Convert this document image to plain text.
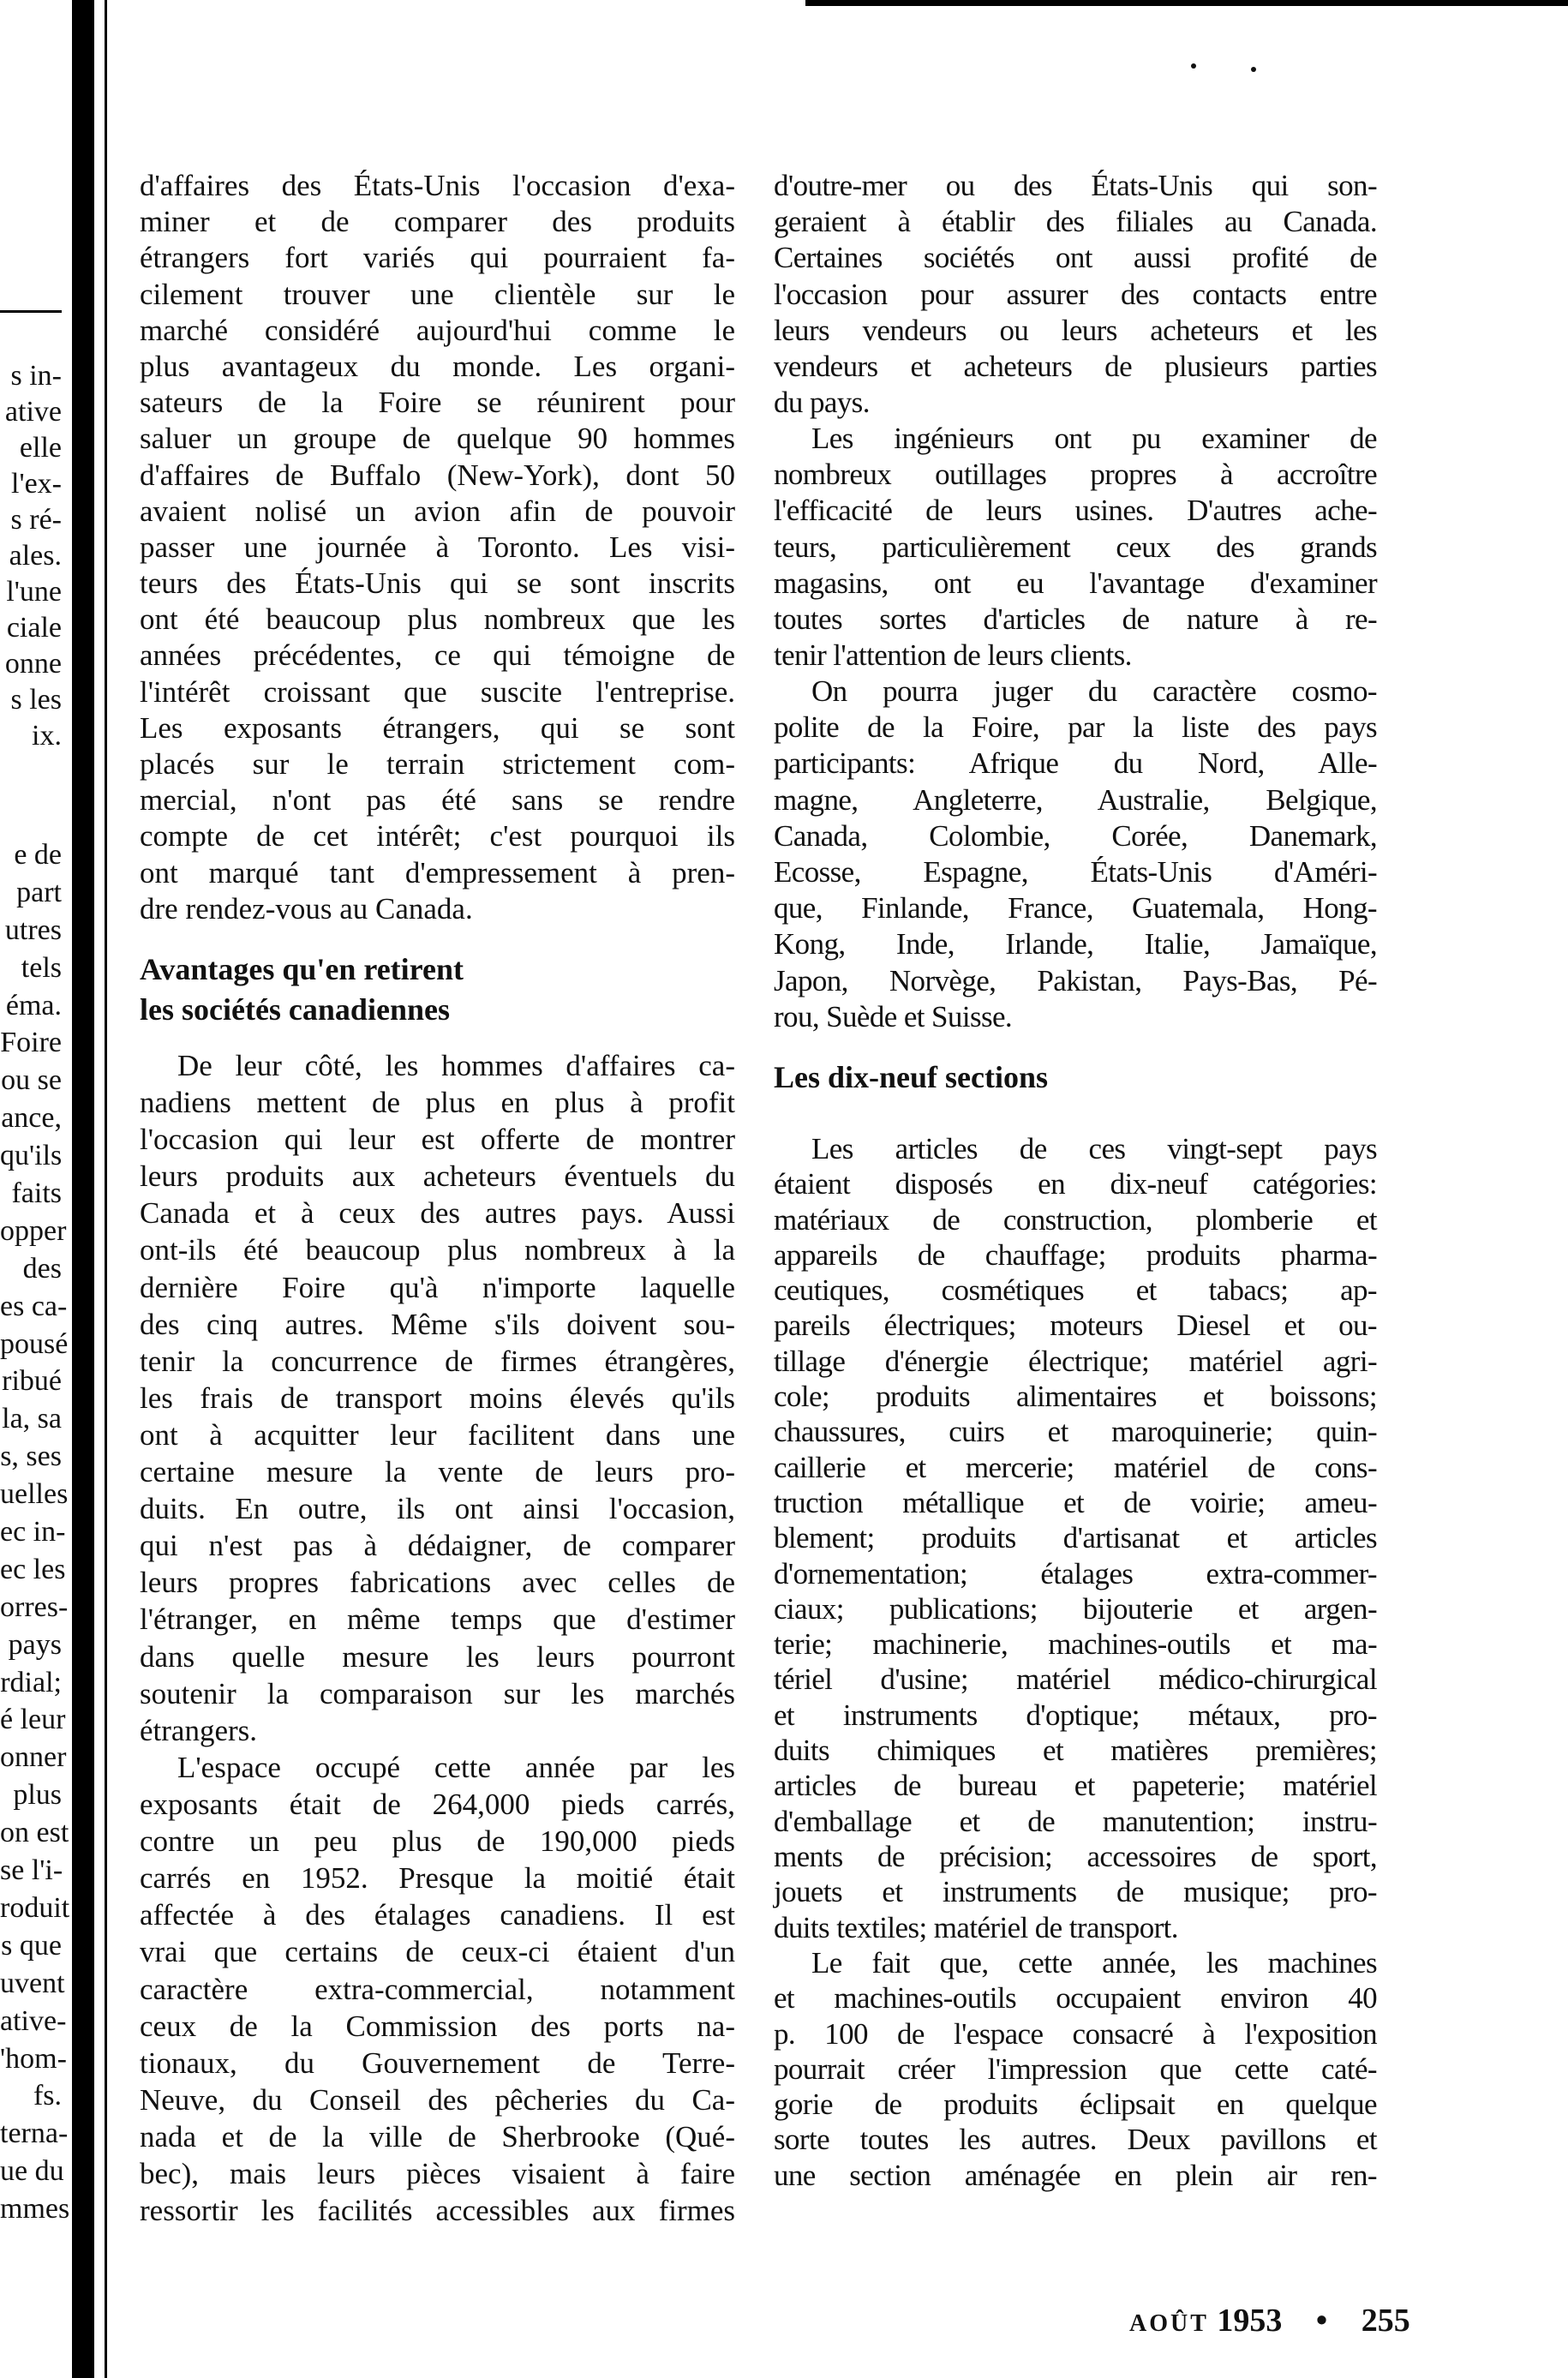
s in-
ative
elle
l'ex-
s ré-
ales.
l'une
ciale
onne
s les
ix.
e de
part
utres
tels
éma.
Foire
ou se
ance,
qu'ils
faits
opper
des
es ca-
pousé
ribué
la, sa
s, ses
uelles
ec in-
ec les
orres-
pays
rdial;
é leur
onner
plus
on est
se l'i-
roduit
s que
uvent
ative-
'hom-
fs.
terna-
ue du
mmes
d'affaires des États-Unis l'occasion d'exa-
miner et de comparer des produits
étrangers fort variés qui pourraient fa-
cilement trouver une clientèle sur le
marché considéré aujourd'hui comme le
plus avantageux du monde. Les organi-
sateurs de la Foire se réunirent pour
saluer un groupe de quelque 90 hommes
d'affaires de Buffalo (New-York), dont 50
avaient nolisé un avion afin de pouvoir
passer une journée à Toronto. Les visi-
teurs des États-Unis qui se sont inscrits
ont été beaucoup plus nombreux que les
années précédentes, ce qui témoigne de
l'intérêt croissant que suscite l'entreprise.
Les exposants étrangers, qui se sont
placés sur le terrain strictement com-
mercial, n'ont pas été sans se rendre
compte de cet intérêt; c'est pourquoi ils
ont marqué tant d'empressement à pren-
dre rendez-vous au Canada.
Avantages qu'en retirent
les sociétés canadiennes
De leur côté, les hommes d'affaires ca-
nadiens mettent de plus en plus à profit
l'occasion qui leur est offerte de montrer
leurs produits aux acheteurs éventuels du
Canada et à ceux des autres pays. Aussi
ont-ils été beaucoup plus nombreux à la
dernière Foire qu'à n'importe laquelle
des cinq autres. Même s'ils doivent sou-
tenir la concurrence de firmes étrangères,
les frais de transport moins élevés qu'ils
ont à acquitter leur facilitent dans une
certaine mesure la vente de leurs pro-
duits. En outre, ils ont ainsi l'occasion,
qui n'est pas à dédaigner, de comparer
leurs propres fabrications avec celles de
l'étranger, en même temps que d'estimer
dans quelle mesure les leurs pourront
soutenir la comparaison sur les marchés
étrangers.
L'espace occupé cette année par les
exposants était de 264,000 pieds carrés,
contre un peu plus de 190,000 pieds
carrés en 1952. Presque la moitié était
affectée à des étalages canadiens. Il est
vrai que certains de ceux-ci étaient d'un
caractère extra-commercial, notamment
ceux de la Commission des ports na-
tionaux, du Gouvernement de Terre-
Neuve, du Conseil des pêcheries du Ca-
nada et de la ville de Sherbrooke (Qué-
bec), mais leurs pièces visaient à faire
ressortir les facilités accessibles aux firmes
d'outre-mer ou des États-Unis qui son-
geraient à établir des filiales au Canada.
Certaines sociétés ont aussi profité de
l'occasion pour assurer des contacts entre
leurs vendeurs ou leurs acheteurs et les
vendeurs et acheteurs de plusieurs parties
du pays.
Les ingénieurs ont pu examiner de
nombreux outillages propres à accroître
l'efficacité de leurs usines. D'autres ache-
teurs, particulièrement ceux des grands
magasins, ont eu l'avantage d'examiner
toutes sortes d'articles de nature à re-
tenir l'attention de leurs clients.
On pourra juger du caractère cosmo-
polite de la Foire, par la liste des pays
participants: Afrique du Nord, Alle-
magne, Angleterre, Australie, Belgique,
Canada, Colombie, Corée, Danemark,
Ecosse, Espagne, États-Unis d'Améri-
que, Finlande, France, Guatemala, Hong-
Kong, Inde, Irlande, Italie, Jamaïque,
Japon, Norvège, Pakistan, Pays-Bas, Pé-
rou, Suède et Suisse.
Les dix-neuf sections
Les articles de ces vingt-sept pays
étaient disposés en dix-neuf catégories:
matériaux de construction, plomberie et
appareils de chauffage; produits pharma-
ceutiques, cosmétiques et tabacs; ap-
pareils électriques; moteurs Diesel et ou-
tillage d'énergie électrique; matériel agri-
cole; produits alimentaires et boissons;
chaussures, cuirs et maroquinerie; quin-
caillerie et mercerie; matériel de cons-
truction métallique et de voirie; ameu-
blement; produits d'artisanat et articles
d'ornementation; étalages extra-commer-
ciaux; publications; bijouterie et argen-
terie; machinerie, machines-outils et ma-
tériel d'usine; matériel médico-chirurgical
et instruments d'optique; métaux, pro-
duits chimiques et matières premières;
articles de bureau et papeterie; matériel
d'emballage et de manutention; instru-
ments de précision; accessoires de sport,
jouets et instruments de musique; pro-
duits textiles; matériel de transport.
Le fait que, cette année, les machines
et machines-outils occupaient environ 40
p. 100 de l'espace consacré à l'exposition
pourrait créer l'impression que cette caté-
gorie de produits éclipsait en quelque
sorte toutes les autres. Deux pavillons et
une section aménagée en plein air ren-
AOÛT 1953 • 255
